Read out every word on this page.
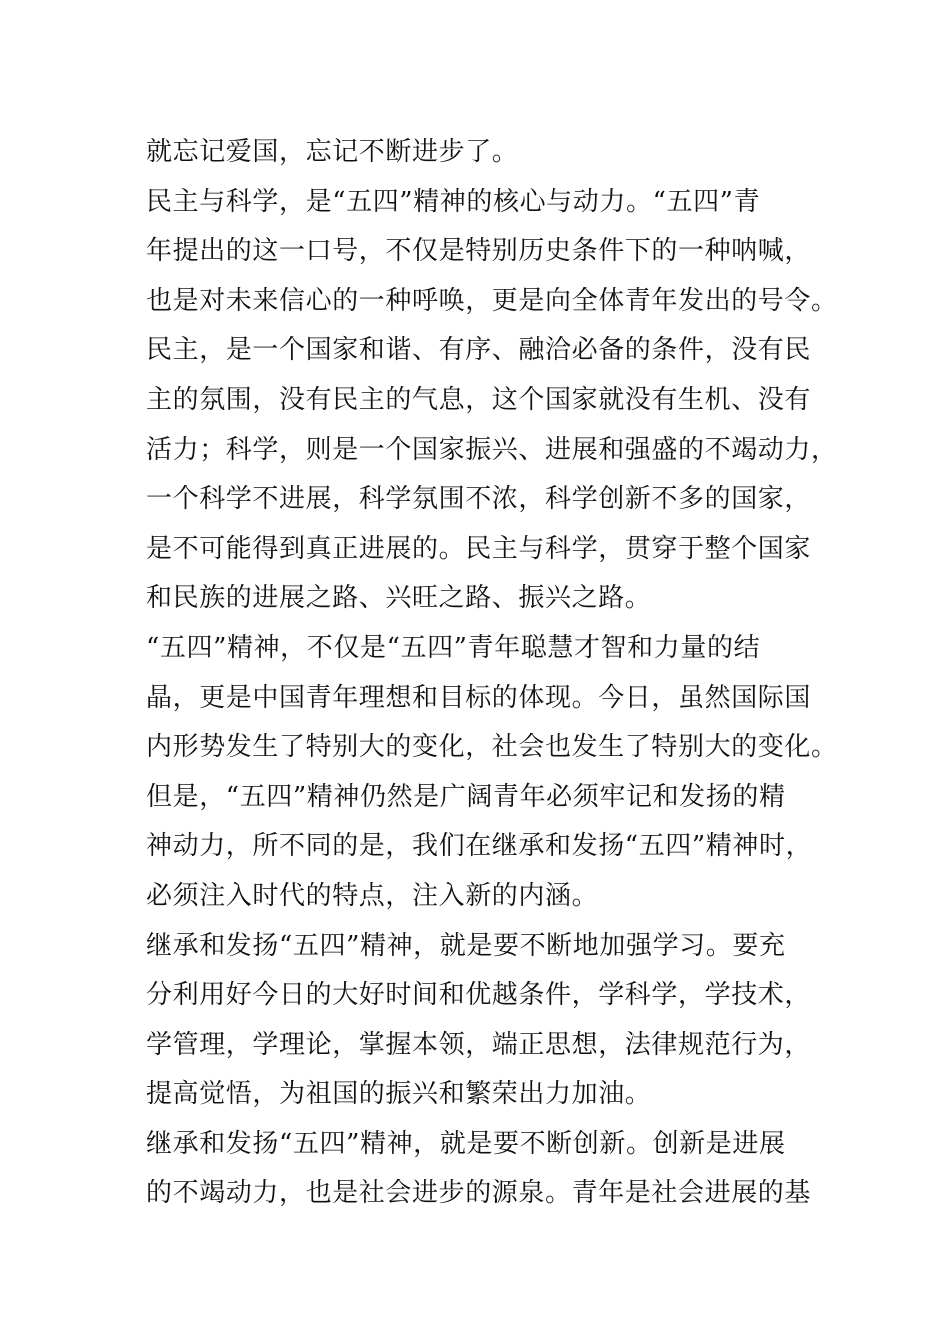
就忘记爱国，忘记不断进步了。
民主与科学，是“五四”精神的核心与动力。“五四”青
年提出的这一口号，不仅是特别历史条件下的一种呐喊，
也是对未来信心的一种呼唤，更是向全体青年发出的号令。
民主，是一个国家和谐、有序、融洽必备的条件，没有民
主的氛围，没有民主的气息，这个国家就没有生机、没有
活力；科学，则是一个国家振兴、进展和强盛的不竭动力，
一个科学不进展，科学氛围不浓，科学创新不多的国家，
是不可能得到真正进展的。民主与科学，贯穿于整个国家
和民族的进展之路、兴旺之路、振兴之路。
“五四”精神，不仅是“五四”青年聪慧才智和力量的结
晶，更是中国青年理想和目标的体现。今日，虽然国际国
内形势发生了特别大的变化，社会也发生了特别大的变化。
但是，“五四”精神仍然是广阔青年必须牢记和发扬的精
神动力，所不同的是，我们在继承和发扬“五四”精神时，
必须注入时代的特点，注入新的内涵。
继承和发扬“五四”精神，就是要不断地加强学习。要充
分利用好今日的大好时间和优越条件，学科学，学技术，
学管理，学理论，掌握本领，端正思想，法律规范行为，
提高觉悟，为祖国的振兴和繁荣出力加油。
继承和发扬“五四”精神，就是要不断创新。创新是进展
的不竭动力，也是社会进步的源泉。青年是社会进展的基
